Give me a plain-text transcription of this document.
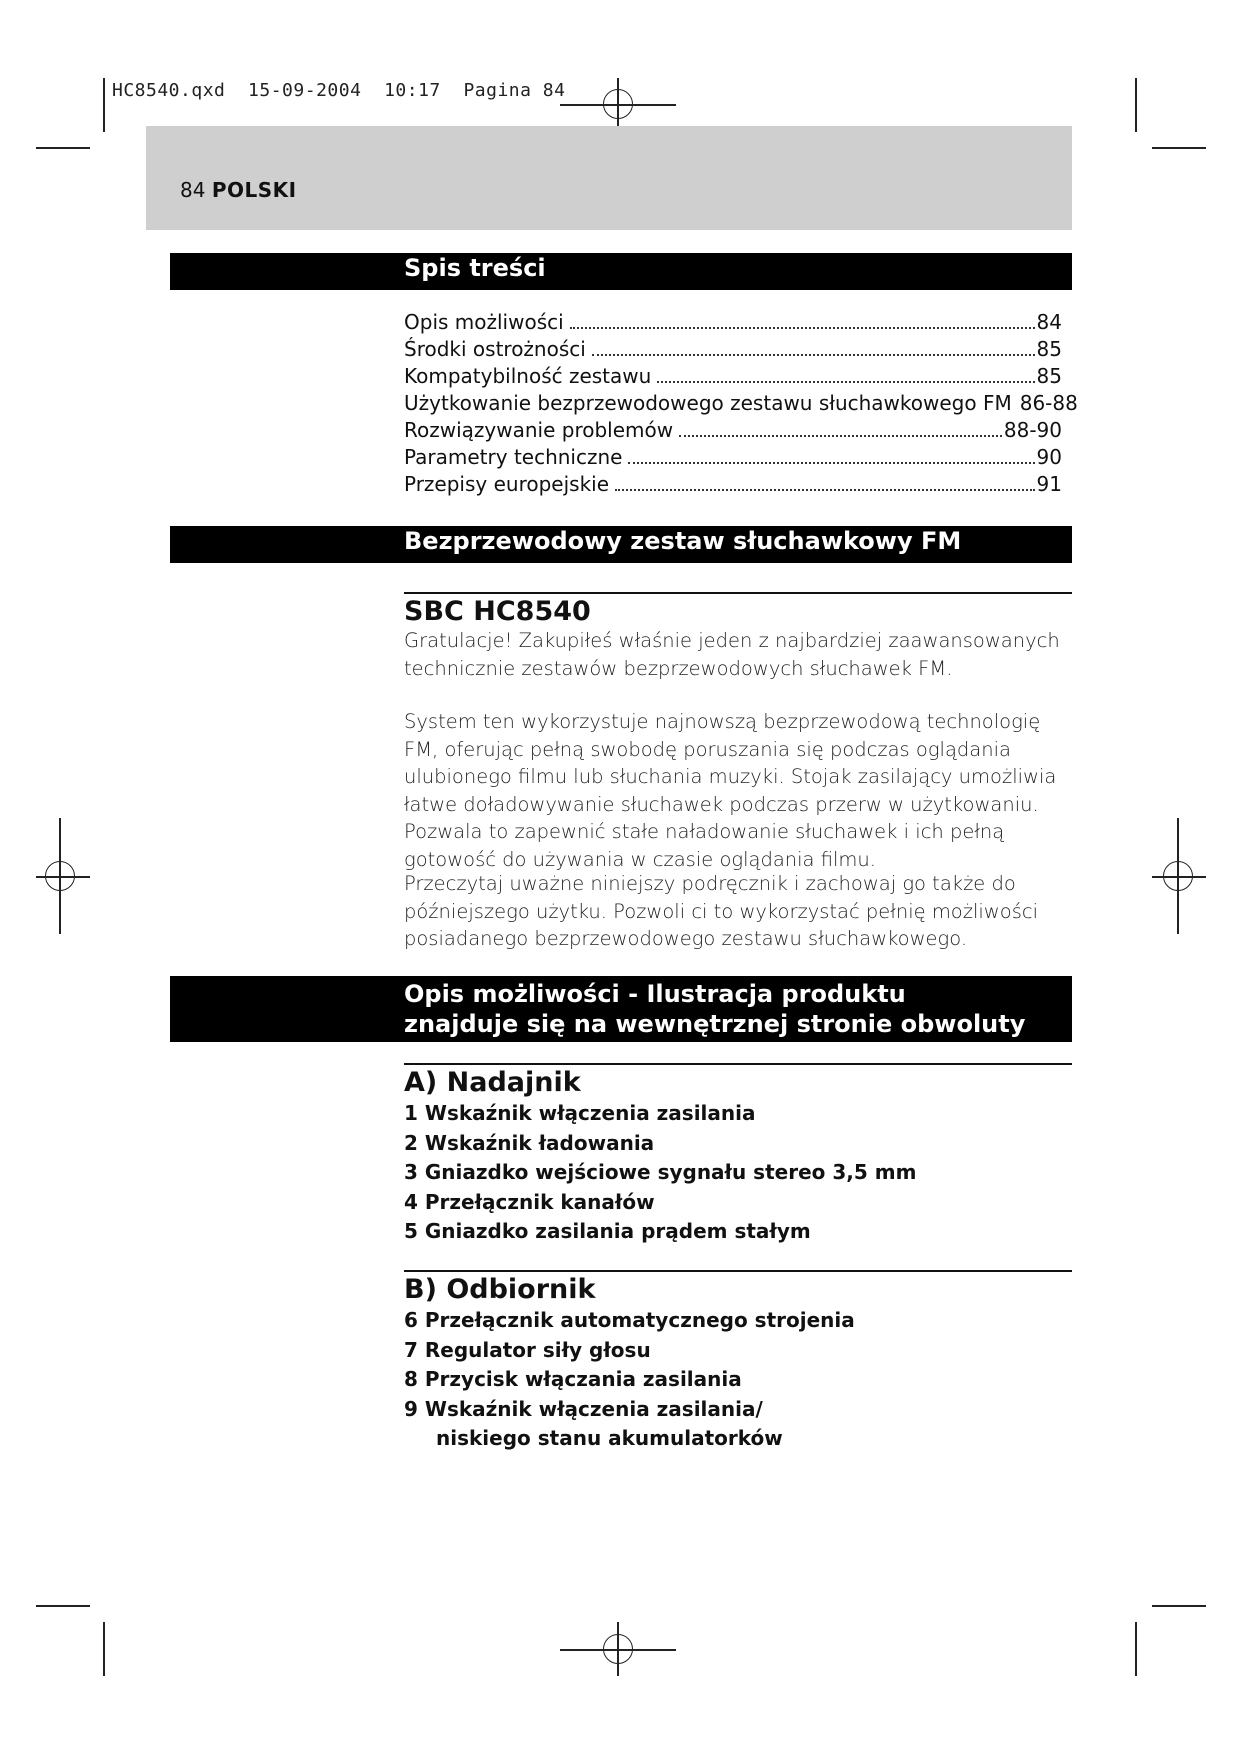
HC8540.qxd  15-09-2004  10:17  Pagina 84
84 POLSKI
Spis treści
Opis możliwości	84
Środki ostrożności	85
Kompatybilność zestawu	85
Użytkowanie bezprzewodowego zestawu słuchawkowego FM 86-88
Rozwiązywanie problemów	88-90
Parametry techniczne	90
Przepisy europejskie	91
Bezprzewodowy zestaw słuchawkowy FM
SBC HC8540
Gratulacje! Zakupiłeś właśnie jeden z najbardziej zaawansowanych technicznie zestawów bezprzewodowych słuchawek FM.
System ten wykorzystuje najnowszą bezprzewodową technologię FM, oferując pełną swobodę poruszania się podczas oglądania ulubionego filmu lub słuchania muzyki. Stojak zasilający umożliwia łatwe doładowywanie słuchawek podczas przerw w użytkowaniu. Pozwala to zapewnić stałe naładowanie słuchawek i ich pełną gotowość do używania w czasie oglądania filmu.
Przeczytaj uważne niniejszy podręcznik i zachowaj go także do późniejszego użytku. Pozwoli ci to wykorzystać pełnię możliwości posiadanego bezprzewodowego zestawu słuchawkowego.
Opis możliwości - Ilustracja produktu
znajduje się na wewnętrznej stronie obwoluty
A) Nadajnik
1 Wskaźnik włączenia zasilania
2 Wskaźnik ładowania
3 Gniazdko wejściowe sygnału stereo 3,5 mm
4 Przełącznik kanałów
5 Gniazdko zasilania prądem stałym
B) Odbiornik
6 Przełącznik automatycznego strojenia
7 Regulator siły głosu
8 Przycisk włączania zasilania
9 Wskaźnik włączenia zasilania/
niskiego stanu akumulatorków
